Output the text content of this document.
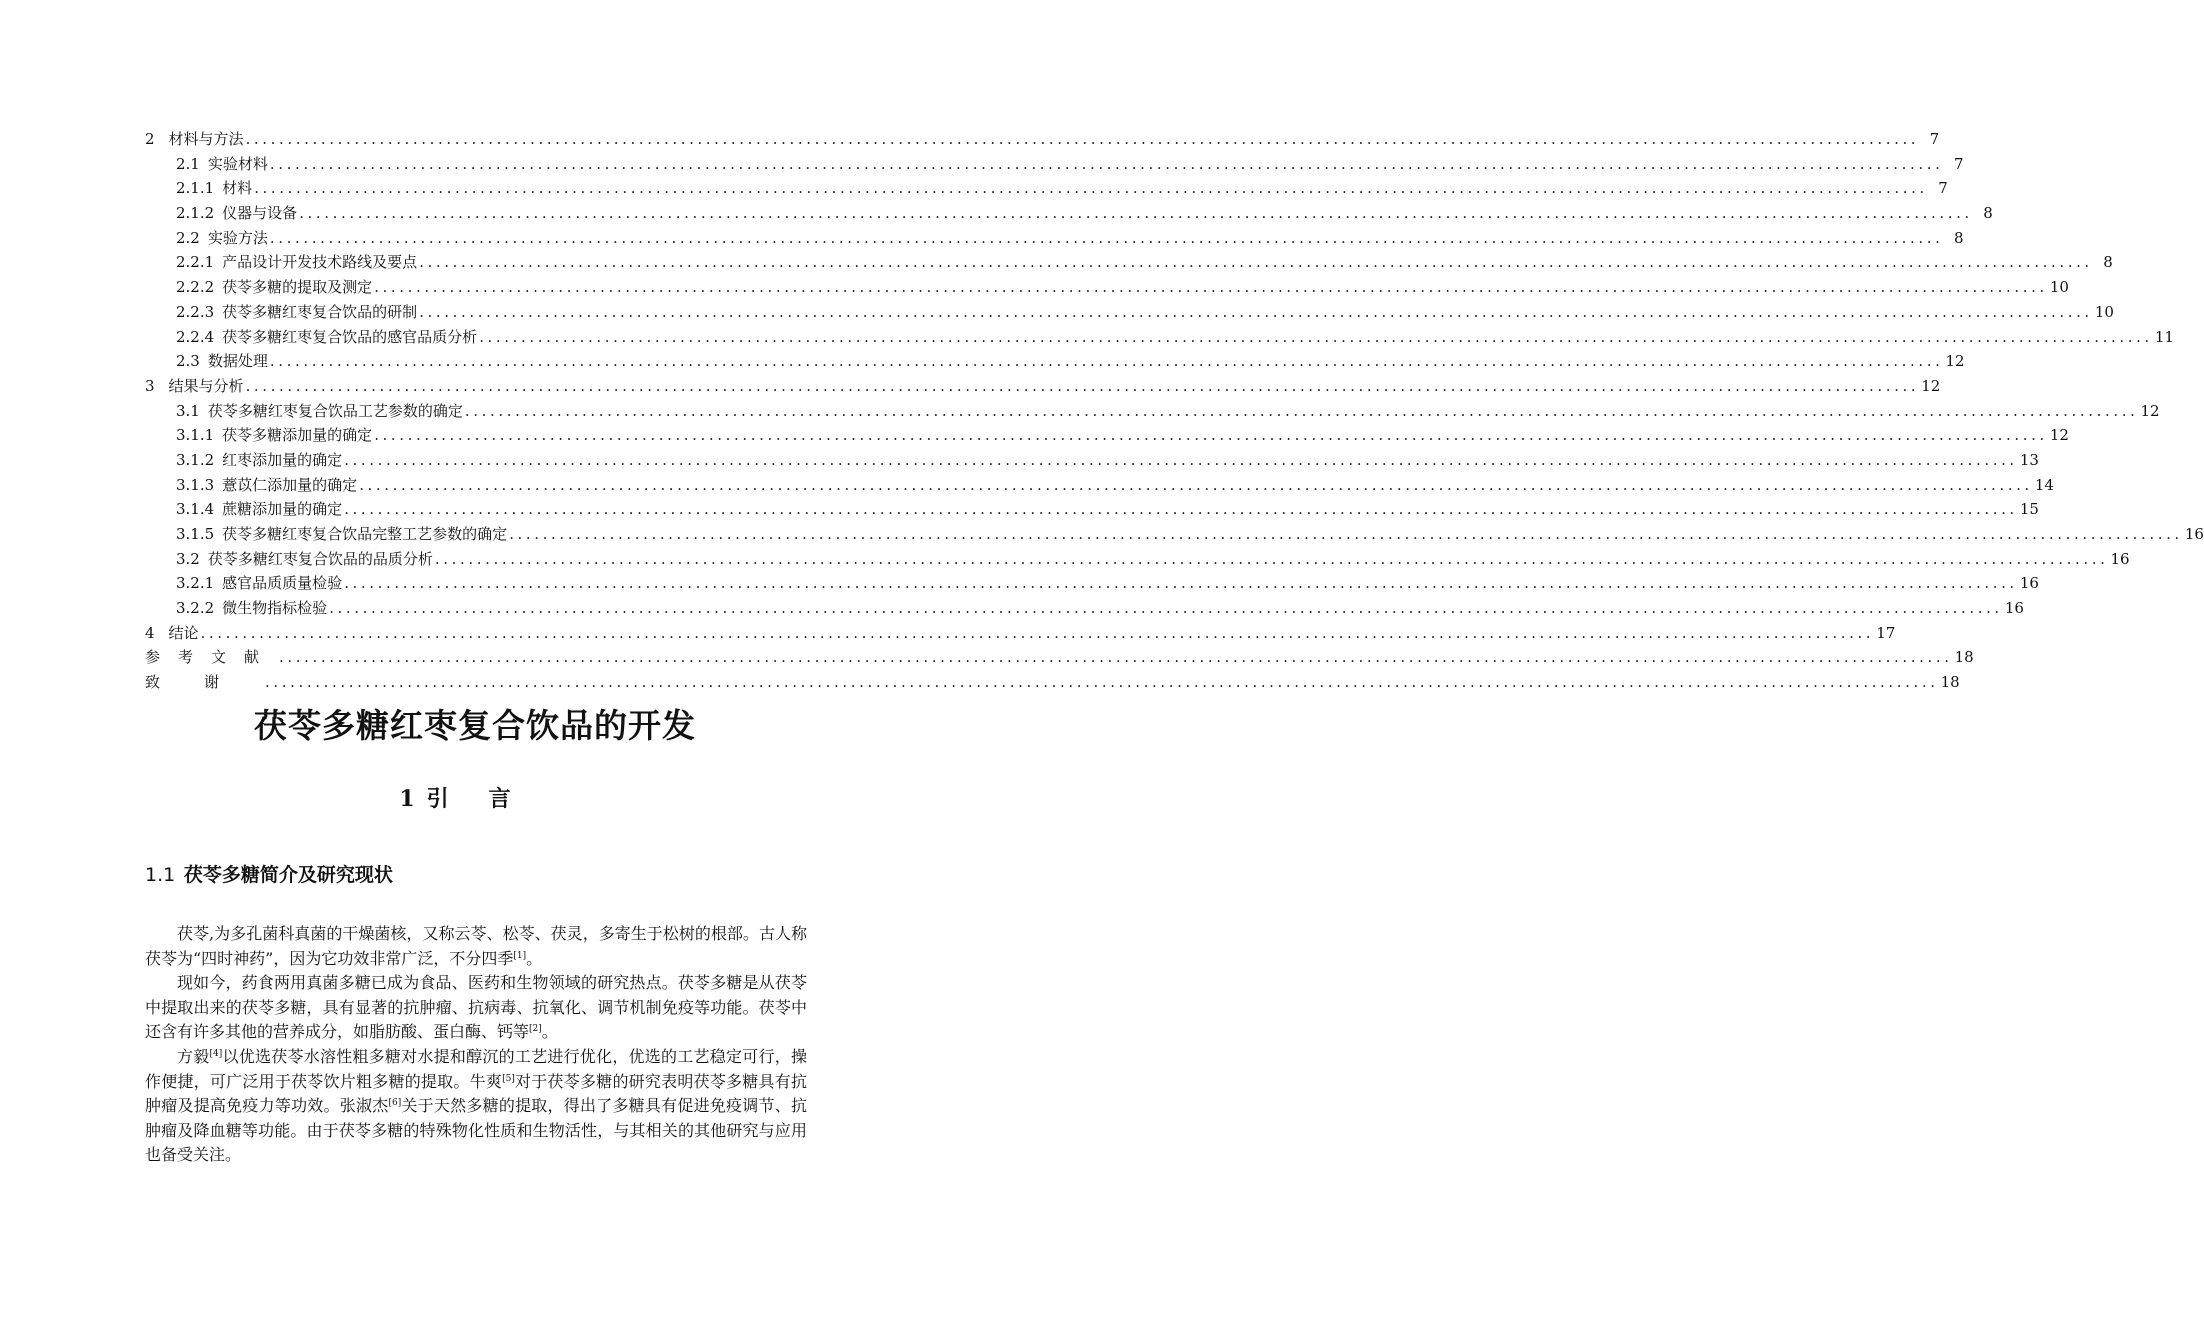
2 材料与方法 ........................................................................................................................................................................................................ 7
2.1 实验材料 ........................................................................................................................................................................................................ 7
2.1.1 材料 ........................................................................................................................................................................................................ 7
2.1.2 仪器与设备 ........................................................................................................................................................................................................ 8
2.2 实验方法 ........................................................................................................................................................................................................ 8
2.2.1 产品设计开发技术路线及要点 ........................................................................................................................................................................................................ 8
2.2.2 茯苓多糖的提取及测定 ........................................................................................................................................................................................................ 10
2.2.3 茯苓多糖红枣复合饮品的研制 ........................................................................................................................................................................................................ 10
2.2.4 茯苓多糖红枣复合饮品的感官品质分析 ........................................................................................................................................................................................................ 11
2.3 数据处理 ........................................................................................................................................................................................................ 12
3 结果与分析 ........................................................................................................................................................................................................ 12
3.1 茯苓多糖红枣复合饮品工艺参数的确定 ........................................................................................................................................................................................................ 12
3.1.1 茯苓多糖添加量的确定 ........................................................................................................................................................................................................ 12
3.1.2 红枣添加量的确定 ........................................................................................................................................................................................................ 13
3.1.3 薏苡仁添加量的确定 ........................................................................................................................................................................................................ 14
3.1.4 蔗糖添加量的确定 ........................................................................................................................................................................................................ 15
3.1.5 茯苓多糖红枣复合饮品完整工艺参数的确定 ........................................................................................................................................................................................................ 16
3.2 茯苓多糖红枣复合饮品的品质分析 ........................................................................................................................................................................................................ 16
3.2.1 感官品质质量检验 ........................................................................................................................................................................................................ 16
3.2.2 微生物指标检验 ........................................................................................................................................................................................................ 16
4 结论 ........................................................................................................................................................................................................ 17
参考文献 ........................................................................................................................................................................................................ 18
致谢 ........................................................................................................................................................................................................ 18
茯苓多糖红枣复合饮品的开发
1 引言
1.1 茯苓多糖简介及研究现状

茯苓,为多孔菌科真菌的干燥菌核，又称云苓、松苓、茯灵，多寄生于松树的根部。古人称茯苓为“四时神药”，因为它功效非常广泛，不分四季[1]。

现如今，药食两用真菌多糖已成为食品、医药和生物领域的研究热点。茯苓多糖是从茯苓中提取出来的茯苓多糖，具有显著的抗肿瘤、抗病毒、抗氧化、调节机制免疫等功能。茯苓中还含有许多其他的营养成分，如脂肪酸、蛋白酶、钙等[2]。

方毅[4]以优选茯苓水溶性粗多糖对水提和醇沉的工艺进行优化，优选的工艺稳定可行，操作便捷，可广泛用于茯苓饮片粗多糖的提取。牛爽[5]对于茯苓多糖的研究表明茯苓多糖具有抗肿瘤及提高免疫力等功效。张淑杰[6]关于天然多糖的提取，得出了多糖具有促进免疫调节、抗肿瘤及降血糖等功能。由于茯苓多糖的特殊物化性质和生物活性，与其相关的其他研究与应用也备受关注。
